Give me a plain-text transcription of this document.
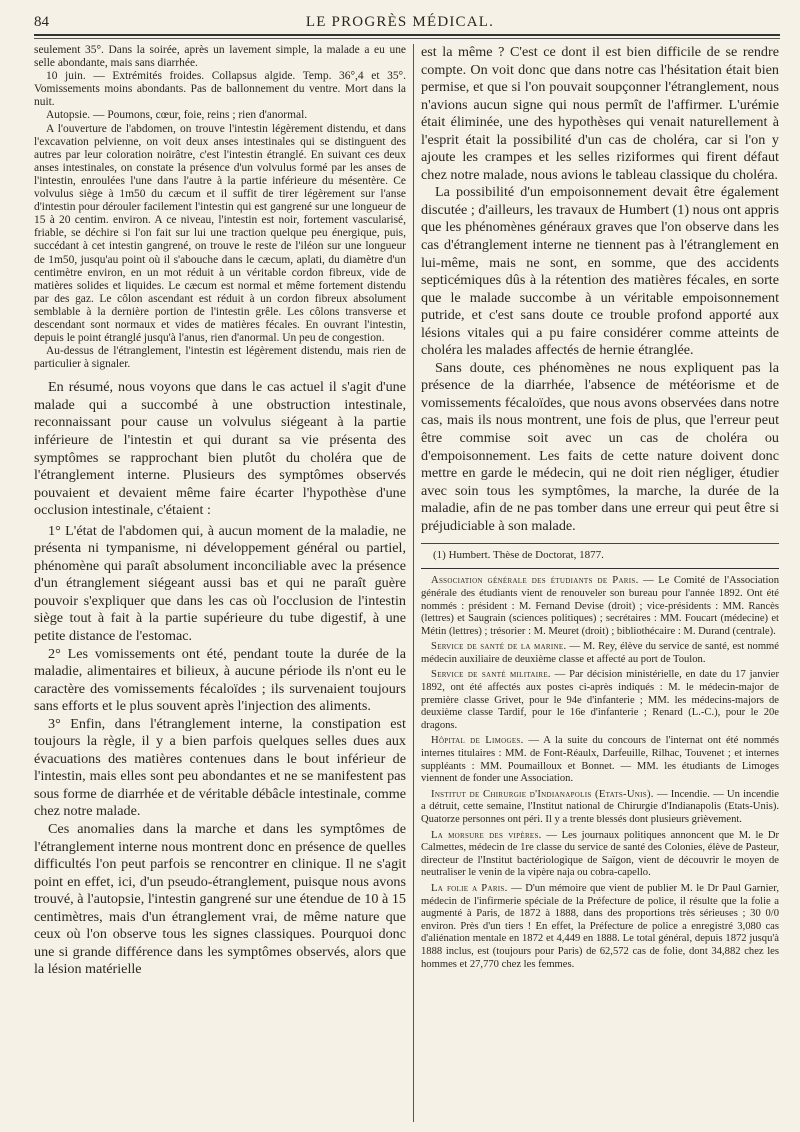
84	LE PROGRÈS MÉDICAL.

seulement 35°. Dans la soirée, après un lavement simple, la malade a eu une selle abondante, mais sans diarrhée.

10 juin. — Extrémités froides. Collapsus algide. Temp. 36°,4 et 35°. Vomissements moins abondants. Pas de ballonnement du ventre. Mort dans la nuit.

Autopsie. — Poumons, cœur, foie, reins ; rien d'anormal.

A l'ouverture de l'abdomen, on trouve l'intestin légèrement distendu, et dans l'excavation pelvienne, on voit deux anses intestinales qui se distinguent des autres par leur coloration noirâtre, c'est l'intestin étranglé. En suivant ces deux anses intestinales, on constate la présence d'un volvulus formé par les anses de l'intestin, enroulées l'une dans l'autre à la partie inférieure du mésentère. Ce volvulus siège à 1m50 du cæcum et il suffit de tirer légèrement sur l'anse d'intestin pour dérouler facilement l'intestin qui est gangrené sur une longueur de 15 à 20 centim. environ. A ce niveau, l'intestin est noir, fortement vascularisé, friable, se déchire si l'on fait sur lui une traction quelque peu énergique, puis, succédant à cet intestin gangrené, on trouve le reste de l'iléon sur une longueur de 1m50, jusqu'au point où il s'abouche dans le cæcum, aplati, du diamètre d'un centimètre environ, en un mot réduit à un véritable cordon fibreux, vide de matières solides et liquides. Le cæcum est normal et même fortement distendu par des gaz. Le côlon ascendant est réduit à un cordon fibreux absolument semblable à la dernière portion de l'intestin grêle. Les côlons transverse et descendant sont normaux et vides de matières fécales. En ouvrant l'intestin, depuis le point étranglé jusqu'à l'anus, rien d'anormal. Un peu de congestion.

Au-dessus de l'étranglement, l'intestin est légèrement distendu, mais rien de particulier à signaler.

En résumé, nous voyons que dans le cas actuel il s'agit d'une malade qui a succombé à une obstruction intestinale, reconnaissant pour cause un volvulus siégeant à la partie inférieure de l'intestin et qui durant sa vie présenta des symptômes se rapprochant bien plutôt du choléra que de l'étranglement interne. Plusieurs des symptômes observés pouvaient et devaient même faire écarter l'hypothèse d'une occlusion intestinale, c'étaient :

1° L'état de l'abdomen qui, à aucun moment de la maladie, ne présenta ni tympanisme, ni développement général ou partiel, phénomène qui paraît absolument inconciliable avec la présence d'un étranglement siégeant aussi bas et qui ne paraît guère pouvoir s'expliquer que dans les cas où l'occlusion de l'intestin siège tout à fait à la partie supérieure du tube digestif, à une petite distance de l'estomac.

2° Les vomissements ont été, pendant toute la durée de la maladie, alimentaires et bilieux, à aucune période ils n'ont eu le caractère des vomissements fécaloïdes ; ils survenaient toujours sans efforts et le plus souvent après l'injection des aliments.

3° Enfin, dans l'étranglement interne, la constipation est toujours la règle, il y a bien parfois quelques selles dues aux évacuations des matières contenues dans le bout inférieur de l'intestin, mais elles sont peu abondantes et ne se manifestent pas sous forme de diarrhée et de véritable débâcle intestinale, comme chez notre malade.

Ces anomalies dans la marche et dans les symptômes de l'étranglement interne nous montrent donc en présence de quelles difficultés l'on peut parfois se rencontrer en clinique. Il ne s'agit point en effet, ici, d'un pseudo-étranglement, puisque nous avons trouvé, à l'autopsie, l'intestin gangrené sur une étendue de 10 à 15 centimètres, mais d'un étranglement vrai, de même nature que ceux où l'on observe tous les signes classiques. Pourquoi donc une si grande différence dans les symptômes observés, alors que la lésion matérielle

est la même ? C'est ce dont il est bien difficile de se rendre compte. On voit donc que dans notre cas l'hésitation était bien permise, et que si l'on pouvait soupçonner l'étranglement, nous n'avions aucun signe qui nous permît de l'affirmer. L'urémie était éliminée, une des hypothèses qui venait naturellement à l'esprit était la possibilité d'un cas de choléra, car si l'on y ajoute les crampes et les selles riziformes qui firent défaut chez notre malade, nous avions le tableau classique du choléra.

La possibilité d'un empoisonnement devait être également discutée ; d'ailleurs, les travaux de Humbert (1) nous ont appris que les phénomènes généraux graves que l'on observe dans les cas d'étranglement interne ne tiennent pas à l'étranglement en lui-même, mais ne sont, en somme, que des accidents septicémiques dûs à la rétention des matières fécales, en sorte que le malade succombe à un véritable empoisonnement putride, et c'est sans doute ce trouble profond apporté aux lésions vitales qui a pu faire considérer comme atteints de choléra les malades affectés de hernie étranglée.

Sans doute, ces phénomènes ne nous expliquent pas la présence de la diarrhée, l'absence de météorisme et de vomissements fécaloïdes, que nous avons observées dans notre cas, mais ils nous montrent, une fois de plus, que l'erreur peut être commise soit avec un cas de choléra ou d'empoisonnement. Les faits de cette nature doivent donc mettre en garde le médecin, qui ne doit rien négliger, étudier avec soin tous les symptômes, la marche, la durée de la maladie, afin de ne pas tomber dans une erreur qui peut être si préjudiciable à son malade.

(1) Humbert. Thèse de Doctorat, 1877.

Association générale des étudiants de Paris. — Le Comité de l'Association générale des étudiants vient de renouveler son bureau pour l'année 1892. Ont été nommés : président : M. Fernand Devise (droit) ; vice-présidents : MM. Rancès (lettres) et Saugrain (sciences politiques) ; secrétaires : MM. Foucart (médecine) et Métin (lettres) ; trésorier : M. Meuret (droit) ; bibliothécaire : M. Durand (centrale).

Service de santé de la marine. — M. Rey, élève du service de santé, est nommé médecin auxiliaire de deuxième classe et affecté au port de Toulon.

Service de santé militaire. — Par décision ministérielle, en date du 17 janvier 1892, ont été affectés aux postes ci-après indiqués : M. le médecin-major de première classe Grivet, pour le 94e d'infanterie ; MM. les médecins-majors de deuxième classe Tardif, pour le 16e d'infanterie ; Renard (L.-C.), pour le 20e dragons.

Hôpital de Limoges. — A la suite du concours de l'internat ont été nommés internes titulaires : MM. de Font-Réaulx, Darfeuille, Rilhac, Touvenet ; et internes suppléants : MM. Poumailloux et Bonnet. — MM. les étudiants de Limoges viennent de fonder une Association.

Institut de Chirurgie d'Indianapolis (Etats-Unis). — Incendie. — Un incendie a détruit, cette semaine, l'Institut national de Chirurgie d'Indianapolis (Etats-Unis). Quatorze personnes ont péri. Il y a trente blessés dont plusieurs grièvement.

La morsure des vipères. — Les journaux politiques annoncent que M. le Dr Calmettes, médecin de 1re classe du service de santé des Colonies, élève de Pasteur, directeur de l'Institut bactériologique de Saïgon, vient de découvrir le moyen de neutraliser le venin de la vipère naja ou cobra-capello.

La folie a Paris. — D'un mémoire que vient de publier M. le Dr Paul Garnier, médecin de l'infirmerie spéciale de la Préfecture de police, il résulte que la folie a augmenté à Paris, de 1872 à 1888, dans des proportions très sérieuses ; 30 0/0 environ. Près d'un tiers ! En effet, la Préfecture de police a enregistré 3,080 cas d'aliénation mentale en 1872 et 4,449 en 1888. Le total général, depuis 1872 jusqu'à 1888 inclus, est (toujours pour Paris) de 62,572 cas de folie, dont 34,882 chez les hommes et 27,770 chez les femmes.
